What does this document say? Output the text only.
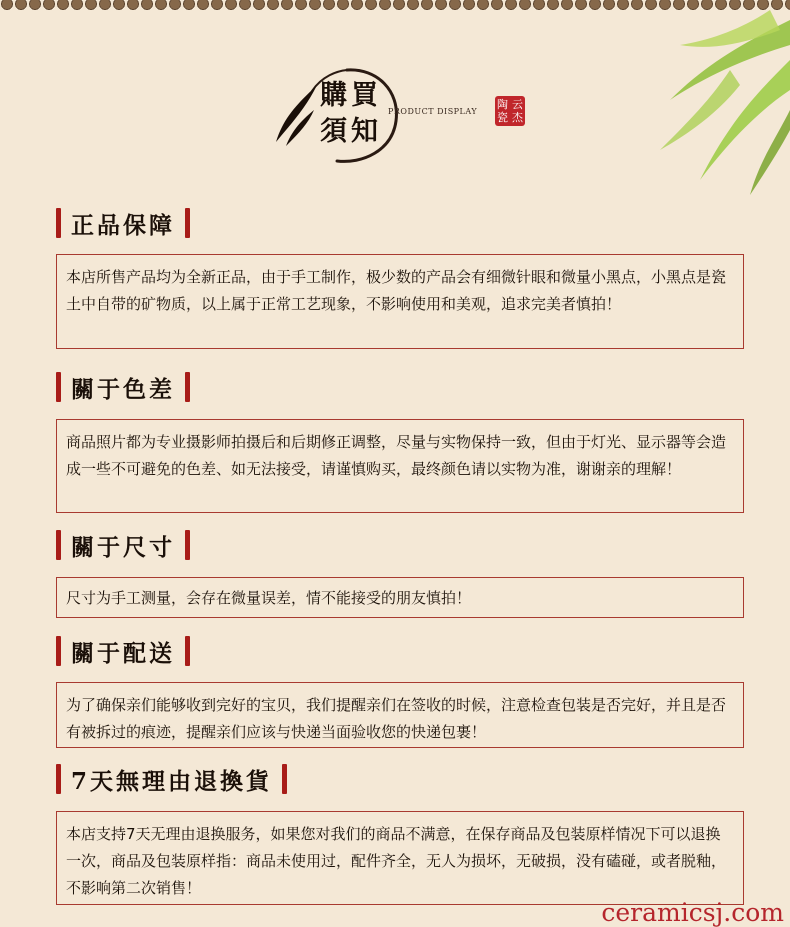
購買
須知
PRODUCT DISPLAY
陶 云
瓷 杰
正品保障
本店所售产品均为全新正品，由于手工制作，极少数的产品会有细微针眼和微量小黑点，小黑点是瓷土中自带的矿物质，以上属于正常工艺现象，不影响使用和美观，追求完美者慎拍！
關于色差
商品照片都为专业摄影师拍摄后和后期修正调整，尽量与实物保持一致，但由于灯光、显示器等会造成一些不可避免的色差、如无法接受，请谨慎购买，最终颜色请以实物为准，谢谢亲的理解！
關于尺寸
尺寸为手工测量，会存在微量误差，情不能接受的朋友慎拍！
關于配送
为了确保亲们能够收到完好的宝贝，我们提醒亲们在签收的时候，注意检查包装是否完好，并且是否有被拆过的痕迹，提醒亲们应该与快递当面验收您的快递包裹！
7天無理由退換貨
本店支持7天无理由退换服务，如果您对我们的商品不满意，在保存商品及包装原样情况下可以退换一次，商品及包装原样指：商品未使用过，配件齐全，无人为损坏，无破损，没有磕碰，或者脱釉，不影响第二次销售！
ceramicsj.com
